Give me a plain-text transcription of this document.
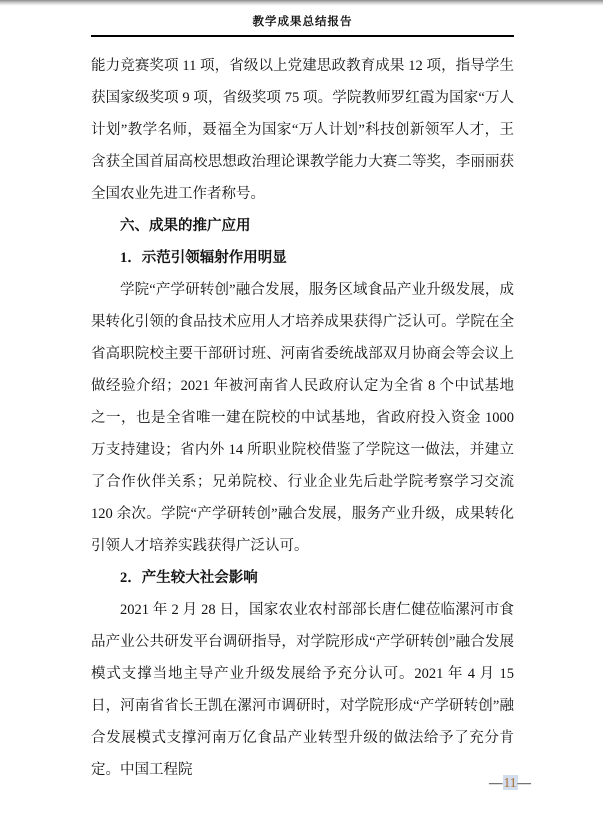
教学成果总结报告

能力竞赛奖项 11 项，省级以上党建思政教育成果 12 项，指导学生获国家级奖项 9 项，省级奖项 75 项。学院教师罗红霞为国家“万人计划”教学名师，聂福全为国家“万人计划”科技创新领军人才，王含获全国首届高校思想政治理论课教学能力大赛二等奖，李丽丽获全国农业先进工作者称号。

六、成果的推广应用
1．示范引领辐射作用明显

学院“产学研转创”融合发展，服务区域食品产业升级发展，成果转化引领的食品技术应用人才培养成果获得广泛认可。学院在全省高职院校主要干部研讨班、河南省委统战部双月协商会等会议上做经验介绍；2021 年被河南省人民政府认定为全省 8 个中试基地之一，也是全省唯一建在院校的中试基地，省政府投入资金 1000 万支持建设；省内外 14 所职业院校借鉴了学院这一做法，并建立了合作伙伴关系；兄弟院校、行业企业先后赴学院考察学习交流 120 余次。学院“产学研转创”融合发展，服务产业升级，成果转化引领人才培养实践获得广泛认可。

2．产生较大社会影响

2021 年 2 月 28 日，国家农业农村部部长唐仁健莅临漯河市食品产业公共研发平台调研指导，对学院形成“产学研转创”融合发展模式支撑当地主导产业升级发展给予充分认可。2021 年 4 月 15 日，河南省省长王凯在漯河市调研时，对学院形成“产学研转创”融合发展模式支撑河南万亿食品产业转型升级的做法给予了充分肯定。中国工程院

—11—
